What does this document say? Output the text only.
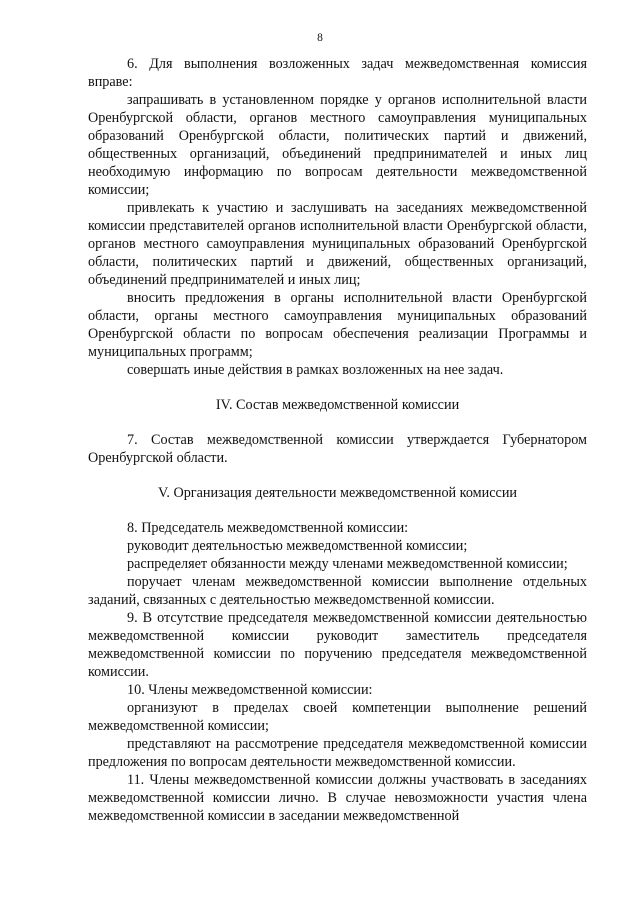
8

6. Для выполнения возложенных задач межведомственная комиссия вправе:

запрашивать в установленном порядке у органов исполнительной власти Оренбургской области, органов местного самоуправления муниципальных образований Оренбургской области, политических партий и движений, общественных организаций, объединений предпринимателей и иных лиц необходимую информацию по вопросам деятельности межведомственной комиссии;

привлекать к участию и заслушивать на заседаниях межведомственной комиссии представителей органов исполнительной власти Оренбургской области, органов местного самоуправления муниципальных образований Оренбургской области, политических партий и движений, общественных организаций, объединений предпринимателей и иных лиц;

вносить предложения в органы исполнительной власти Оренбургской области, органы местного самоуправления муниципальных образований Оренбургской области по вопросам обеспечения реализации Программы и муниципальных программ;

совершать иные действия в рамках возложенных на нее задач.

IV. Состав межведомственной комиссии

7. Состав межведомственной комиссии утверждается Губернатором Оренбургской области.

V. Организация деятельности межведомственной комиссии

8. Председатель межведомственной комиссии:

руководит деятельностью межведомственной комиссии;

распределяет обязанности между членами межведомственной комиссии;

поручает членам межведомственной комиссии выполнение отдельных заданий, связанных с деятельностью межведомственной комиссии.

9. В отсутствие председателя межведомственной комиссии деятельностью межведомственной комиссии руководит заместитель председателя межведомственной комиссии по поручению председателя межведомственной комиссии.

10. Члены межведомственной комиссии:

организуют в пределах своей компетенции выполнение решений межведомственной комиссии;

представляют на рассмотрение председателя межведомственной комиссии предложения по вопросам деятельности межведомственной комиссии.

11. Члены межведомственной комиссии должны участвовать в заседаниях межведомственной комиссии лично. В случае невозможности участия члена межведомственной комиссии в заседании межведомственной
